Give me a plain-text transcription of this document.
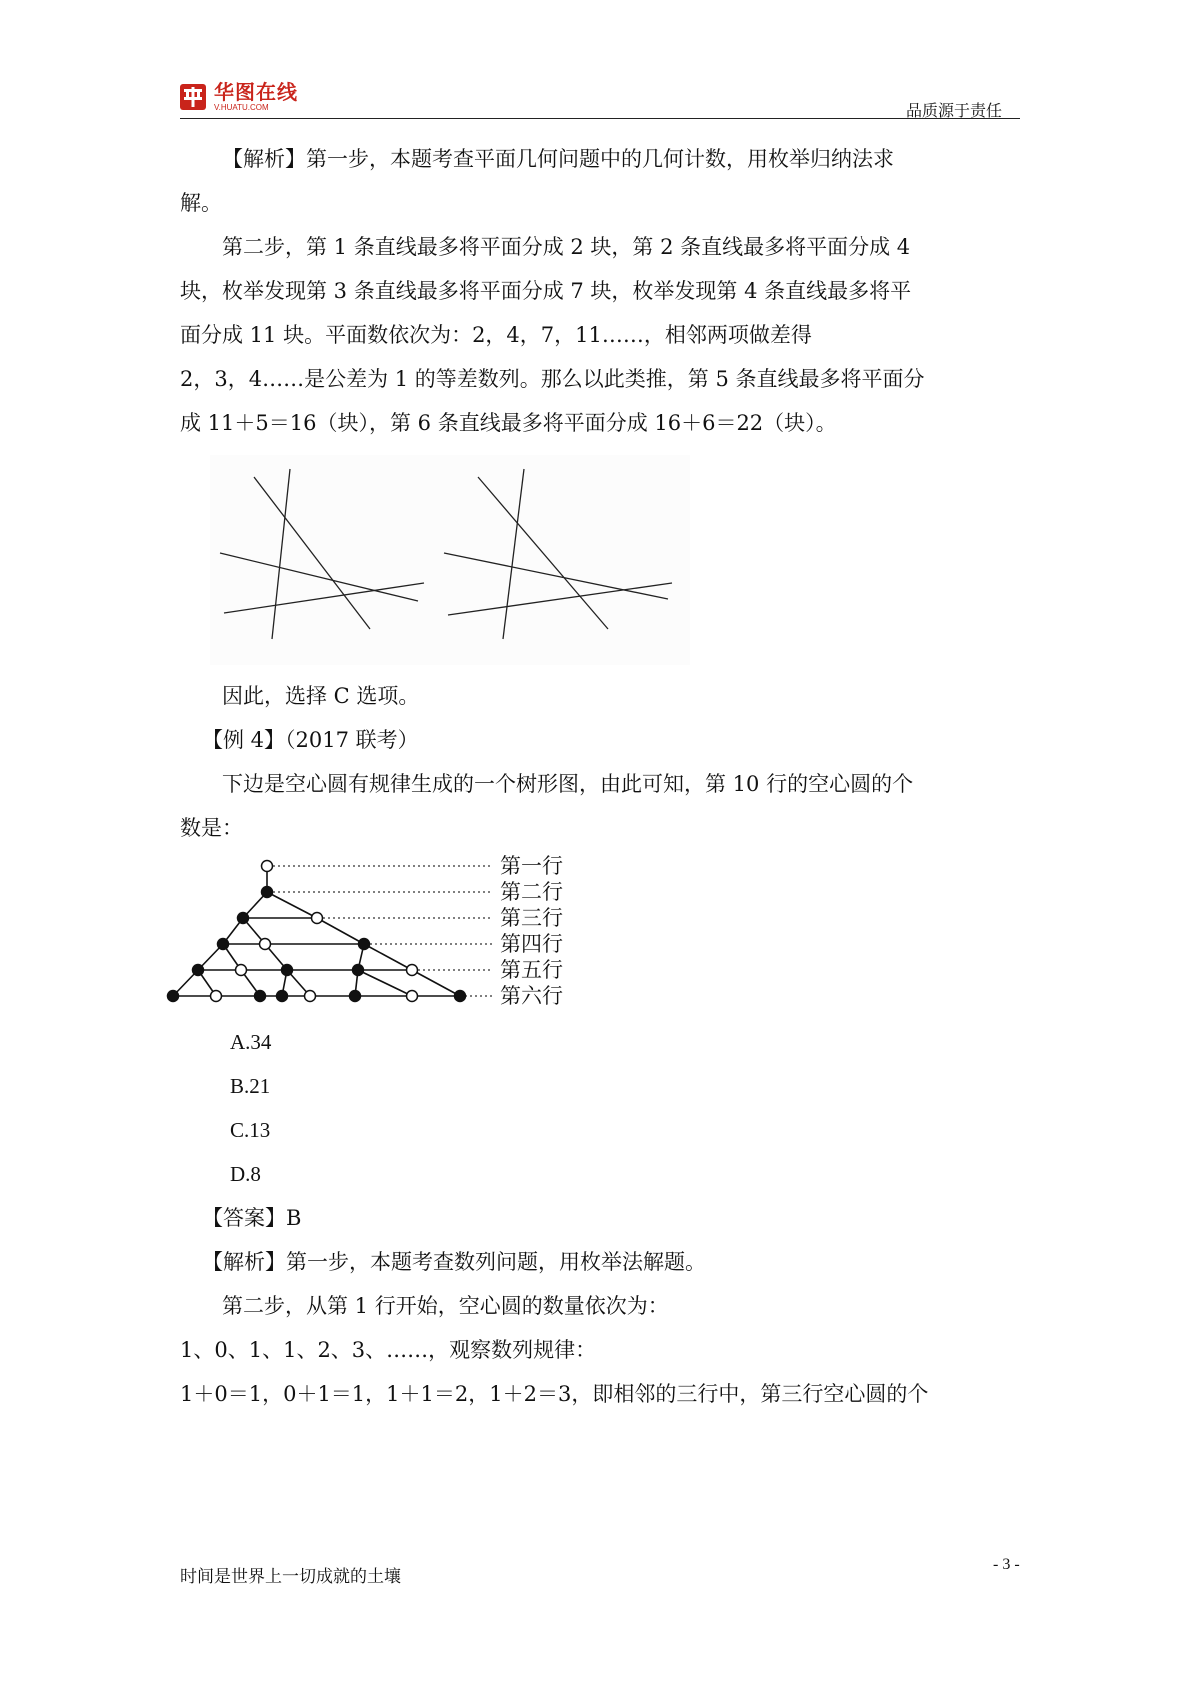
华图在线
V.HUATU.COM	品质源于责任
【解析】第一步，本题考查平面几何问题中的几何计数，用枚举归纳法求
解。
第二步，第 1 条直线最多将平面分成 2 块，第 2 条直线最多将平面分成 4
块，枚举发现第 3 条直线最多将平面分成 7 块，枚举发现第 4 条直线最多将平
面分成 11 块。平面数依次为：2，4，7，11……，相邻两项做差得
2，3，4……是公差为 1 的等差数列。那么以此类推，第 5 条直线最多将平面分
成 11＋5＝16（块），第 6 条直线最多将平面分成 16＋6＝22（块）。
因此，选择 C 选项。
【例 4】（2017 联考）
下边是空心圆有规律生成的一个树形图，由此可知，第 10 行的空心圆的个
数是：
第一行
第二行
第三行
第四行
第五行
第六行
A.34
B.21
C.13
D.8
【答案】B
【解析】第一步，本题考查数列问题，用枚举法解题。
第二步，从第 1 行开始，空心圆的数量依次为：
1、0、1、1、2、3、……，观察数列规律：
1＋0＝1，0＋1＝1，1＋1＝2，1＋2＝3，即相邻的三行中，第三行空心圆的个
时间是世界上一切成就的土壤
- 3 -
